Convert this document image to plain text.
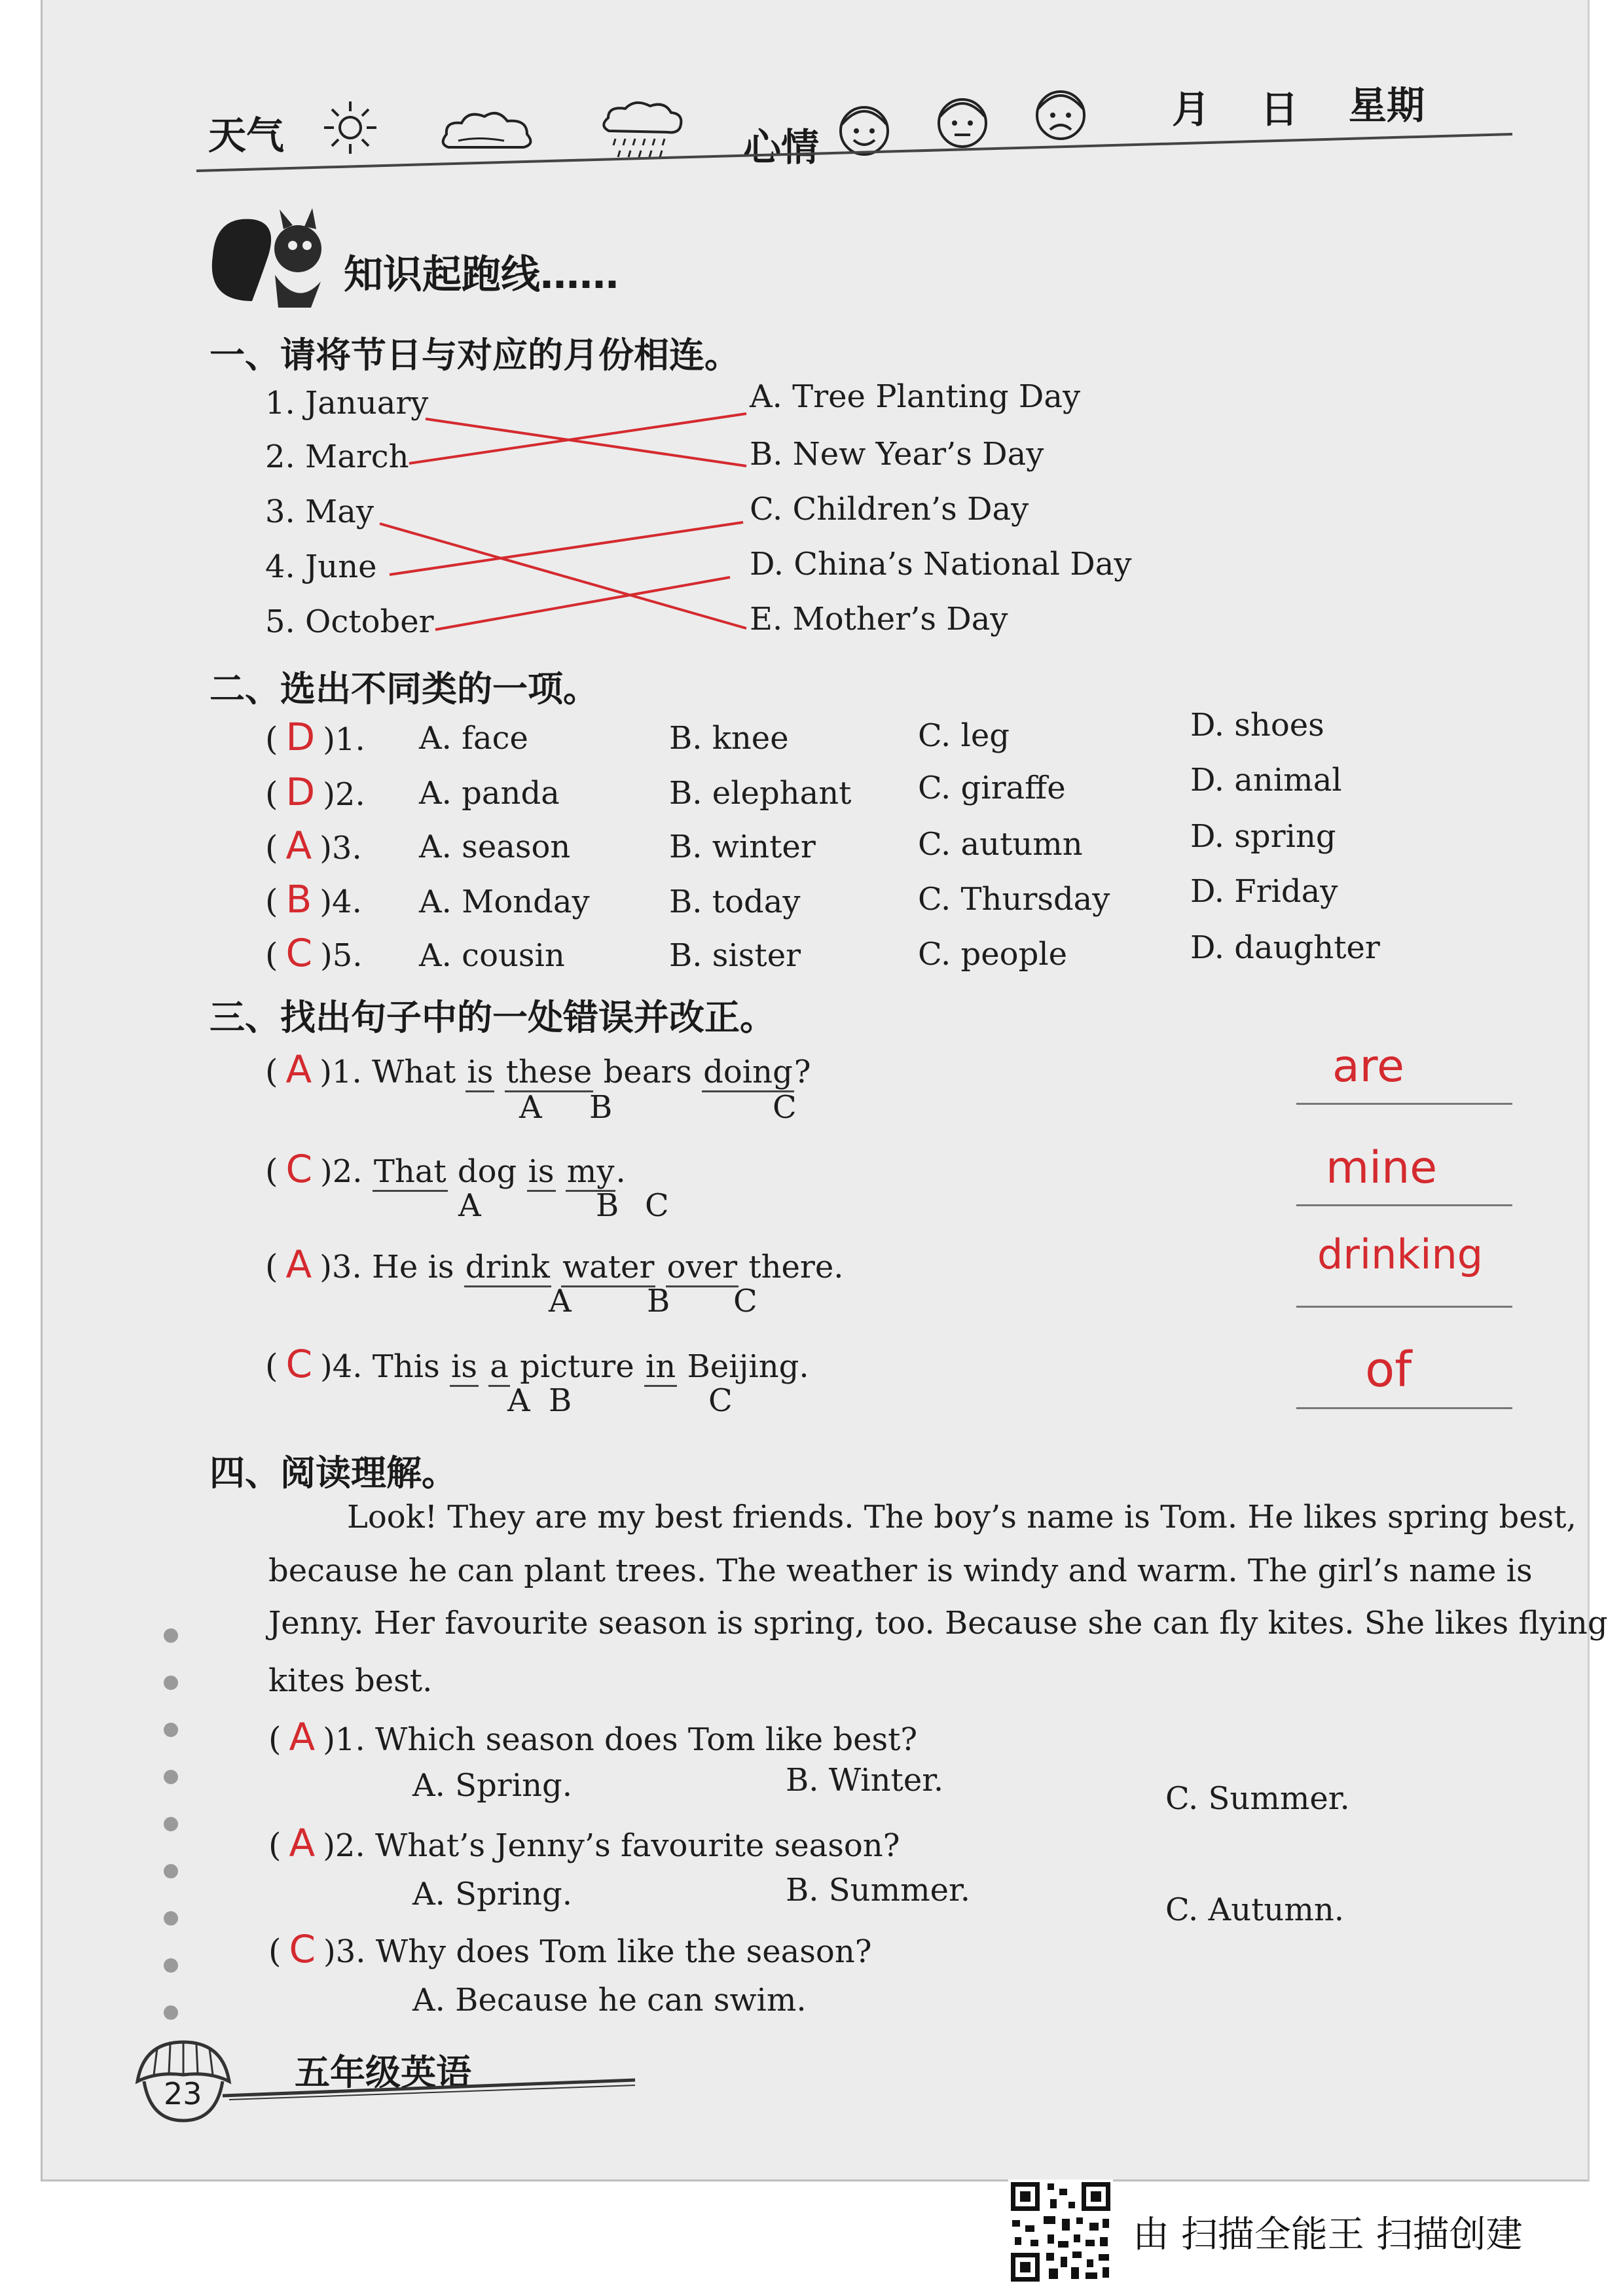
天气	心情
月 日 星期
知识起跑线……
一、请将节日与对应的月份相连。
1. January
2. March
3. May
4. June
5. October
A. Tree Planting Day
B. New Year’s Day
C. Children’s Day
D. China’s National Day
E. Mother’s Day
二、选出不同类的一项。
( D )1. A. face	B. knee	C. leg	D. shoes
( D )2. A. panda	B. elephant C. giraffe	D. animal
( A )3. A. season	B. winter	C. autumn	D. spring
( B )4. A. Monday	B. today	C. Thursday	D. Friday
( C )5. A. cousin	B. sister	C. people	D. daughter
三、找出句子中的一处错误并改正。
( A )1. What is these bears doing?
A B	C
are
( C )2. That dog is my.
A	B C
mine
( A )3. He is drink water over there.
A B C
drinking
( C )4. This is a picture in Beijing.
A B	C
of
四、阅读理解。
Look! They are my best friends. The boy’s name is Tom. He likes spring best,
because he can plant trees. The weather is windy and warm. The girl’s name is
Jenny. Her favourite season is spring, too. Because she can fly kites. She likes flying
kites best.
( A )1. Which season does Tom like best?
A. Spring.	B. Winter.	C. Summer.
( A )2. What’s Jenny’s favourite season?
A. Spring.	B. Summer.
C. Autumn.
( C )3. Why does Tom like the season?
A. Because he can swim.
23
五年级英语
由 扫描全能王 扫描创建
